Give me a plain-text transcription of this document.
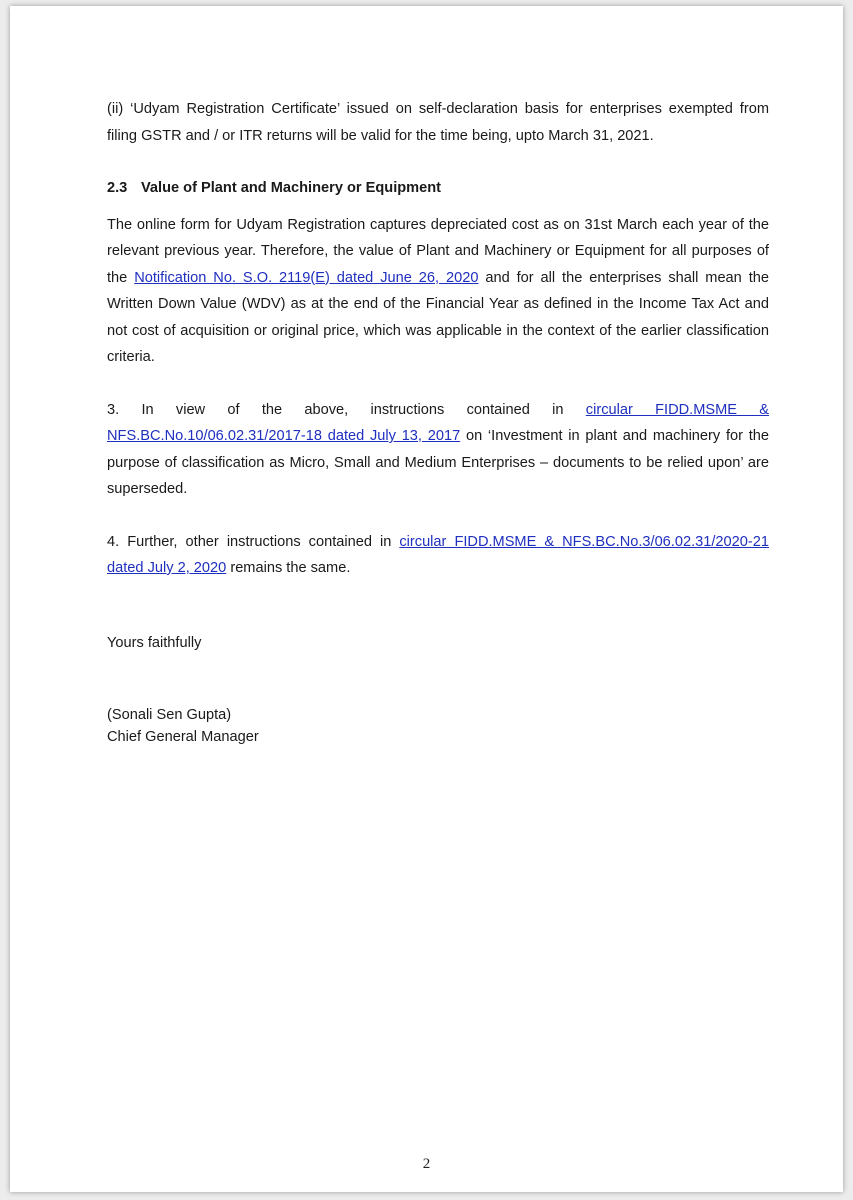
(ii) ‘Udyam Registration Certificate’ issued on self-declaration basis for enterprises exempted from filing GSTR and / or ITR returns will be valid for the time being, upto March 31, 2021.

2.3 Value of Plant and Machinery or Equipment

The online form for Udyam Registration captures depreciated cost as on 31st March each year of the relevant previous year. Therefore, the value of Plant and Machinery or Equipment for all purposes of the Notification No. S.O. 2119(E) dated June 26, 2020 and for all the enterprises shall mean the Written Down Value (WDV) as at the end of the Financial Year as defined in the Income Tax Act and not cost of acquisition or original price, which was applicable in the context of the earlier classification criteria.

3. In view of the above, instructions contained in circular FIDD.MSME & NFS.BC.No.10/06.02.31/2017-18 dated July 13, 2017 on ‘Investment in plant and machinery for the purpose of classification as Micro, Small and Medium Enterprises – documents to be relied upon’ are superseded.

4. Further, other instructions contained in circular FIDD.MSME & NFS.BC.No.3/06.02.31/2020-21 dated July 2, 2020 remains the same.

Yours faithfully

(Sonali Sen Gupta)

Chief General Manager

2
